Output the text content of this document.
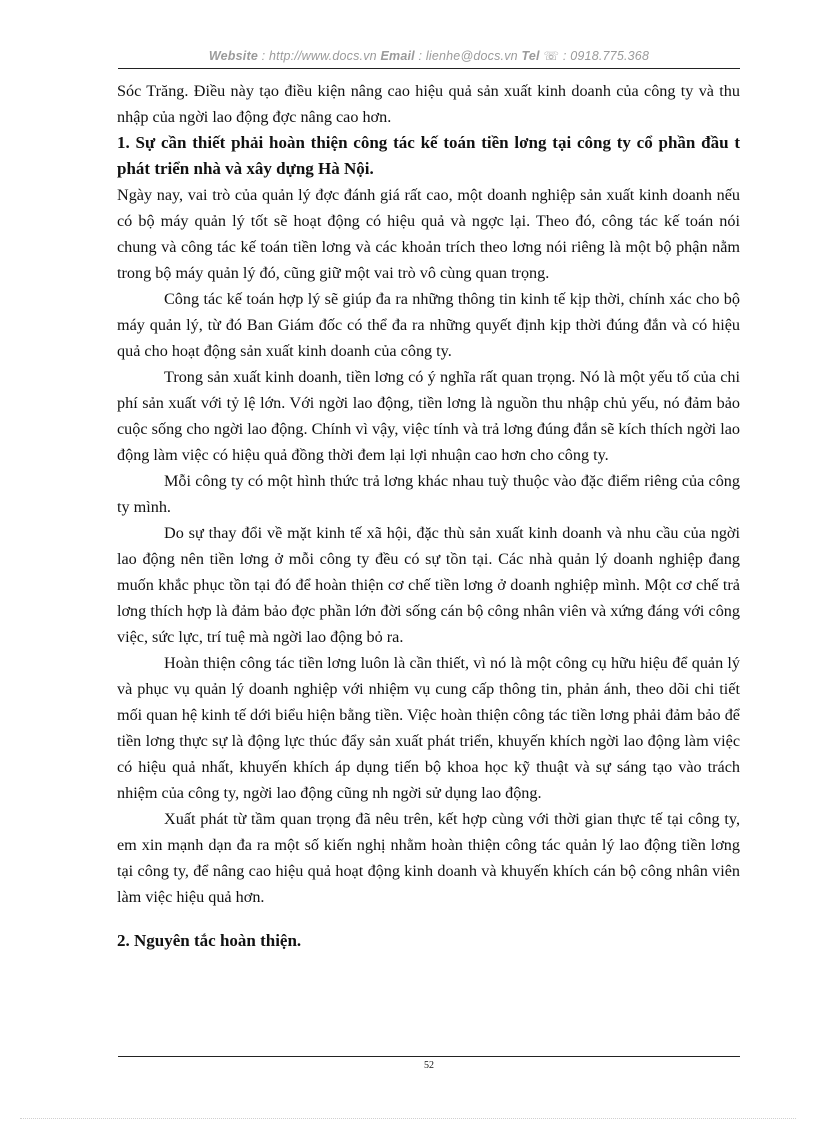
Website : http://www.docs.vn Email : lienhe@docs.vn Tel ☏ : 0918.775.368

Sóc Trăng. Điều này tạo điều kiện nâng cao hiệu quả sản xuất kinh doanh của công ty và thu nhập của ngời lao động đợc nâng cao hơn.

1. Sự cần thiết phải hoàn thiện công tác kế toán tiền lơng tại công ty cổ phần đầu t phát triển nhà và xây dựng Hà Nội.

Ngày nay, vai trò của quản lý đợc đánh giá rất cao, một doanh nghiệp sản xuất kinh doanh nếu có bộ máy quản lý tốt sẽ hoạt động có hiệu quả và ngợc lại. Theo đó, công tác kế toán nói chung và công tác kế toán tiền lơng và các khoản trích theo lơng nói riêng là một bộ phận nằm trong bộ máy quản lý đó, cũng giữ một vai trò vô cùng quan trọng.

Công tác kế toán hợp lý sẽ giúp đa ra những thông tin kinh tế kịp thời, chính xác cho bộ máy quản lý, từ đó Ban Giám đốc có thể đa ra những quyết định kịp thời đúng đắn và có hiệu quả cho hoạt động sản xuất kinh doanh của công ty.

Trong sản xuất kinh doanh, tiền lơng có ý nghĩa rất quan trọng. Nó là một yếu tố của chi phí sản xuất với tỷ lệ lớn. Với ngời lao động, tiền lơng là nguồn thu nhập chủ yếu, nó đảm bảo cuộc sống cho ngời lao động. Chính vì vậy, việc tính và trả lơng đúng đắn sẽ kích thích ngời lao động làm việc có hiệu quả đồng thời đem lại lợi nhuận cao hơn cho công ty.

Mỗi công ty có một hình thức trả lơng khác nhau tuỳ thuộc vào đặc điểm riêng của công ty mình.

Do sự thay đổi về mặt kinh tế xã hội, đặc thù sản xuất kinh doanh và nhu cầu của ngời lao động nên tiền lơng ở mỗi công ty đều có sự tồn tại. Các nhà quản lý doanh nghiệp đang muốn khắc phục tồn tại đó để hoàn thiện cơ chế tiền lơng ở doanh nghiệp mình. Một cơ chế trả lơng thích hợp là đảm bảo đợc phần lớn đời sống cán bộ công nhân viên và xứng đáng với công việc, sức lực, trí tuệ mà ngời lao động bỏ ra.

Hoàn thiện công tác tiền lơng luôn là cần thiết, vì nó là một công cụ hữu hiệu để quản lý và phục vụ quản lý doanh nghiệp với nhiệm vụ cung cấp thông tin, phản ánh, theo dõi chi tiết mối quan hệ kinh tế dới biểu hiện bằng tiền. Việc hoàn thiện công tác tiền lơng phải đảm bảo để tiền lơng thực sự là động lực thúc đẩy sản xuất phát triển, khuyến khích ngời lao động làm việc có hiệu quả nhất, khuyến khích áp dụng tiến bộ khoa học kỹ thuật và sự sáng tạo vào trách nhiệm của công ty, ngời lao động cũng nh ngời sử dụng lao động.

Xuất phát từ tầm quan trọng đã nêu trên, kết hợp cùng với thời gian thực tế tại công ty, em xin mạnh dạn đa ra một số kiến nghị nhằm hoàn thiện công tác quản lý lao động tiền lơng tại công ty, để nâng cao hiệu quả hoạt động kinh doanh và khuyến khích cán bộ công nhân viên làm việc hiệu quả hơn.

2. Nguyên tắc hoàn thiện.

52
